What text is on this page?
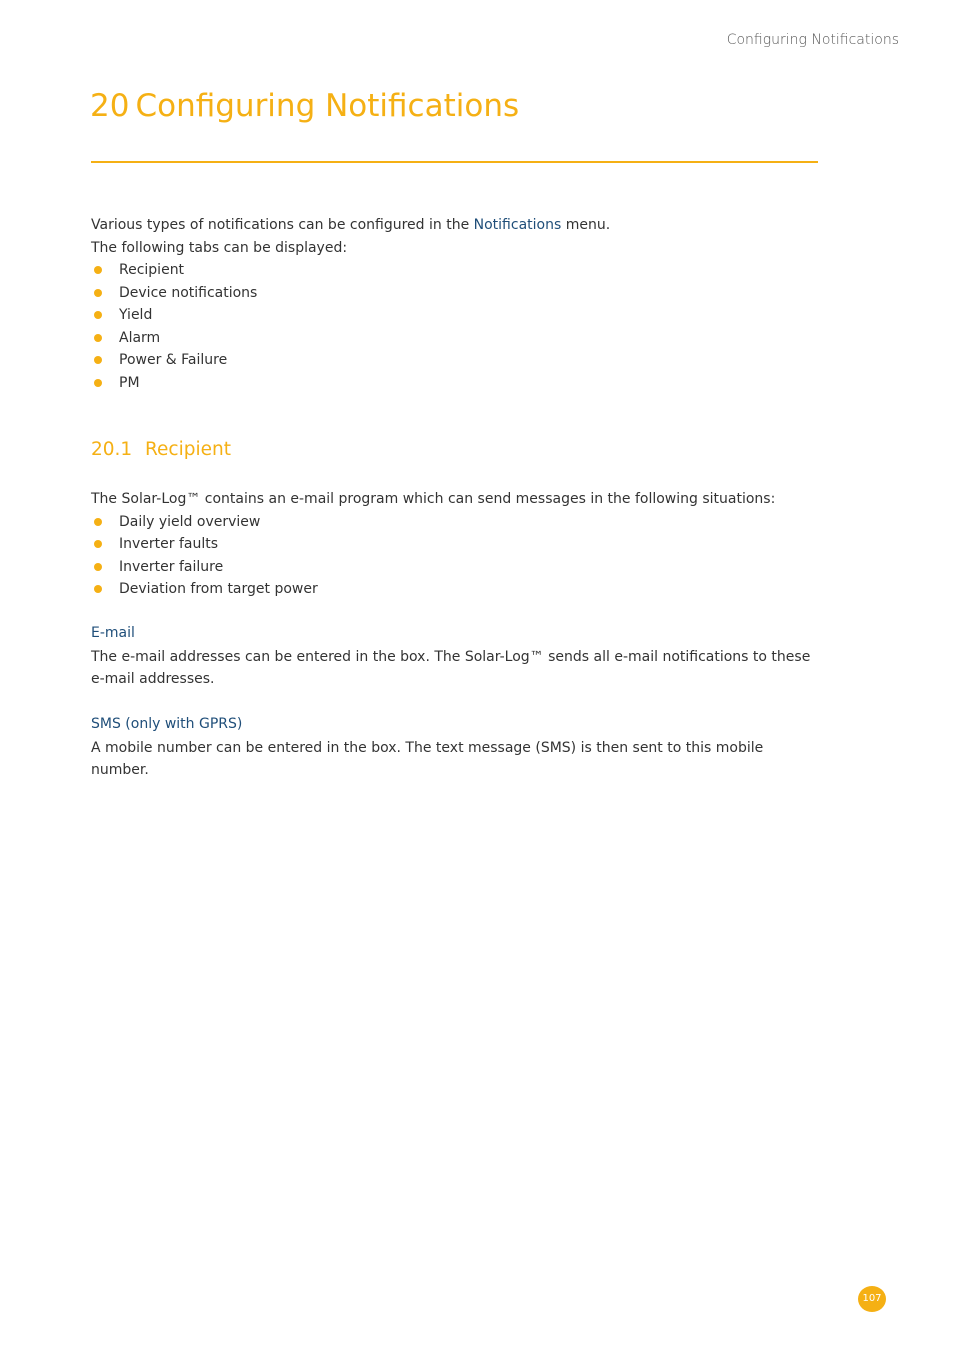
Configuring Notifications
20 Configuring Notifications

Various types of notifications can be configured in the Notifications menu.

The following tabs can be displayed:

Recipient
Device notifications
Yield
Alarm
Power & Failure
PM
20.1 Recipient

The Solar-Log™ contains an e-mail program which can send messages in the following situations:

Daily yield overview
Inverter faults
Inverter failure
Deviation from target power
E-mail

The e-mail addresses can be entered in the box. The Solar-Log™ sends all e-mail notifications to these e-mail addresses.

SMS (only with GPRS)

A mobile number can be entered in the box. The text message (SMS) is then sent to this mobile number.

107
